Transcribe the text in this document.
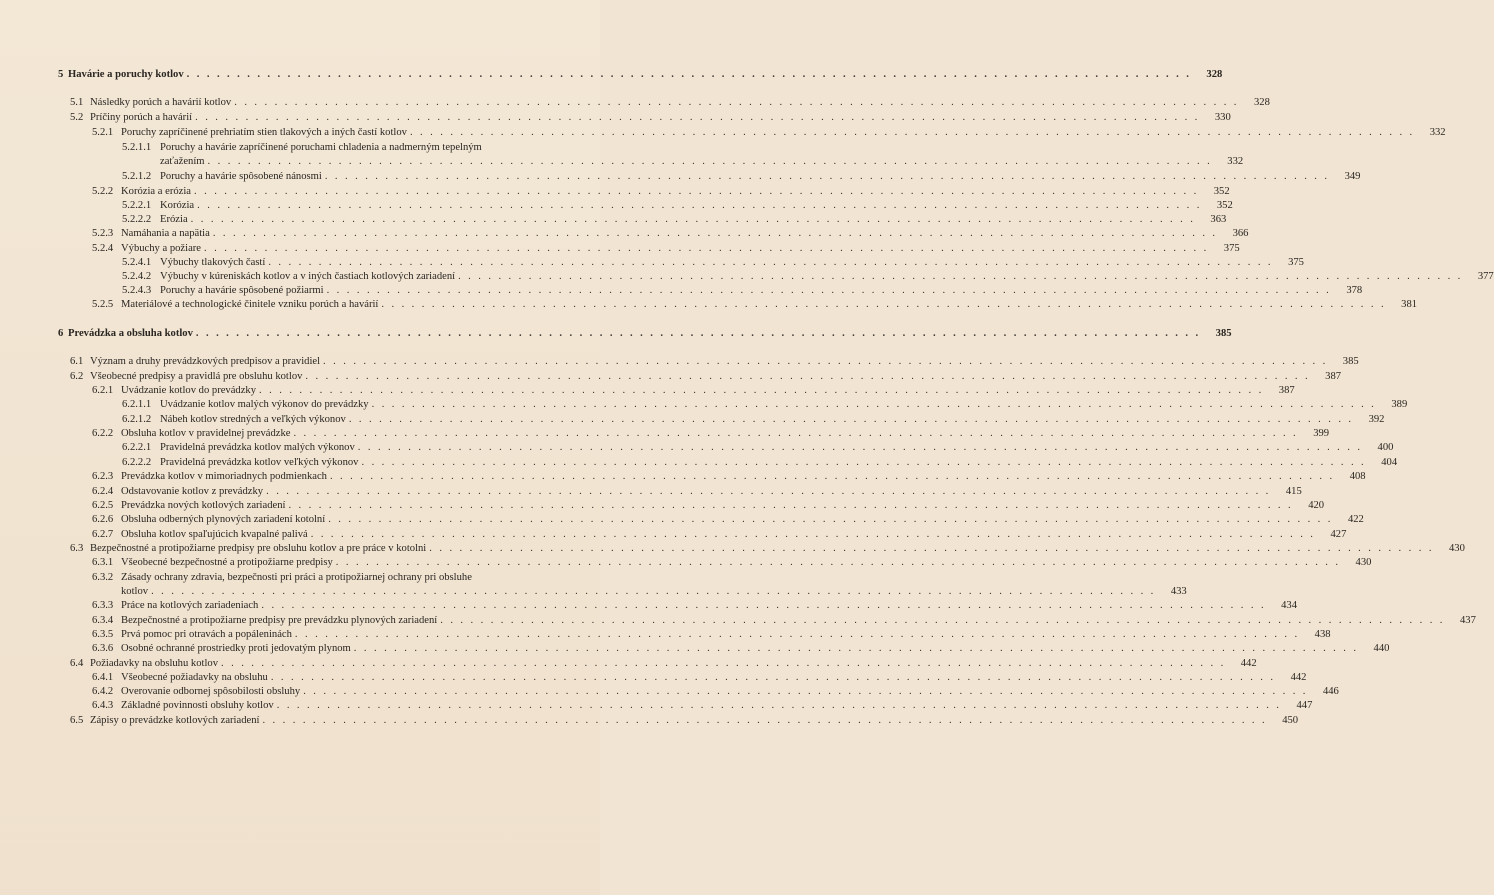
5 Havárie a poruchy kotlov . . .	328
5.1 Následky porúch a havárií kotlov . . .	328
5.2 Príčiny porúch a havárií . . .	330
5.2.1 Poruchy zapríčinené prehriatím stien tlakových a iných častí kotlov . . .	332
5.2.1.1 Poruchy a havárie zapríčinené poruchami chladenia a nadmerným tepelným
zaťažením . . .	332
5.2.1.2 Poruchy a havárie spôsobené nánosmi . . .	349
5.2.2 Korózia a erózia . . .	352
5.2.2.1 Korózia . . .	352
5.2.2.2 Erózia . . .	363
5.2.3 Namáhania a napätia . . .	366
5.2.4 Výbuchy a požiare . . .	375
5.2.4.1 Výbuchy tlakových častí . . .	375
5.2.4.2 Výbuchy v kúreniskách kotlov a v iných častiach kotlových zariadení . . .	377
5.2.4.3 Poruchy a havárie spôsobené požiarmi . . .	378
5.2.5 Materiálové a technologické činitele vzniku porúch a havárií . . .	381
6 Prevádzka a obsluha kotlov . . .	385
6.1 Význam a druhy prevádzkových predpisov a pravidiel . . .	385
6.2 Všeobecné predpisy a pravidlá pre obsluhu kotlov . . .	387
6.2.1 Uvádzanie kotlov do prevádzky . . .	387
6.2.1.1 Uvádzanie kotlov malých výkonov do prevádzky . . .	389
6.2.1.2 Nábeh kotlov stredných a veľkých výkonov . . .	392
6.2.2 Obsluha kotlov v pravidelnej prevádzke . . .	399
6.2.2.1 Pravidelná prevádzka kotlov malých výkonov . . .	400
6.2.2.2 Pravidelná prevádzka kotlov veľkých výkonov . . .	404
6.2.3 Prevádzka kotlov v mimoriadnych podmienkach . . .	408
6.2.4 Odstavovanie kotlov z prevádzky . . .	415
6.2.5 Prevádzka nových kotlových zariadení . . .	420
6.2.6 Obsluha odberných plynových zariadení kotolní . . .	422
6.2.7 Obsluha kotlov spaľujúcich kvapalné palivá . . .	427
6.3 Bezpečnostné a protipožiarne predpisy pre obsluhu kotlov a pre práce v kotolni . . .	430
6.3.1 Všeobecné bezpečnostné a protipožiarne predpisy . . .	430
6.3.2 Zásady ochrany zdravia, bezpečnosti pri práci a protipožiarnej ochrany pri obsluhe
kotlov . . .	433
6.3.3 Práce na kotlových zariadeniach . . .	434
6.3.4 Bezpečnostné a protipožiarne predpisy pre prevádzku plynových zariadení . . .	437
6.3.5 Prvá pomoc pri otravách a popáleninách . . .	438
6.3.6 Osobné ochranné prostriedky proti jedovatým plynom . . .	440
6.4 Požiadavky na obsluhu kotlov . . .	442
6.4.1 Všeobecné požiadavky na obsluhu . . .	442
6.4.2 Overovanie odbornej spôsobilosti obsluhy . . .	446
6.4.3 Základné povinnosti obsluhy kotlov . . .	447
6.5 Zápisy o prevádzke kotlových zariadení . . .	450
